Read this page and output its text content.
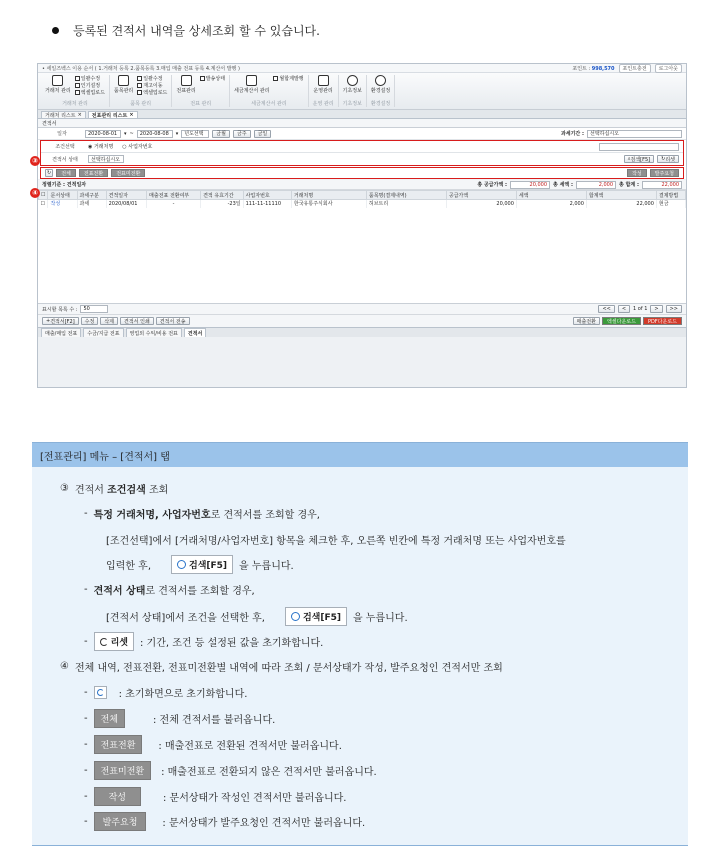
등록된 견적서 내역을 상세조회 할 수 있습니다.
• 세일즈벡스 이용 순서 ( 1.거래처 등록 2.품목등록 3.매입 매출 전표 등록 4.계산서 발행 )	포인트 : 998,570	포인트충전	로그아웃
거래처 관리
일괄수정
인기설정
엑셀업로드
거래처 관리
품목관리
일괄수정
재고이동
엑셀업로드
품목 관리
전표관리
발송상태
전표 관리
세금계산서 관리
월합계발행
세금계산서 관리
운영관리
운영 관리
기초정보
기초정보
환경설정
환경설정
거래처 리스트 × 전표관리 리스트 ×
견적서
일자	2020-08-01	▾ ~	2020-08-08	▾	년도선택	금월	금주	금일	과세기간 :	선택하십시오
조건선택	◉ 거래처명 ○ 사업자번호
견적서 상태	선택하십시오	⌕ 검색[F5] ↻ 리셋
↻	전체	전표전환	전표미전환	작성	발주요청
정렬기준 : 견적일자	총 공급가액 :	20,000	총 세액 :	2,000	총 합계 :	22,000
☐	문서상태	과세구분	견적일자	매출전표 전환여부	견적 유효기간	사업자번호	거래처명	품목명(결제내역)	공급가액	세액	합계액	결제방법
☐	작성	과세	2020/08/01	-	-23일	111-11-11110	한국유통주식회사	허브트리	20,000	2,000	22,000	현금
표시할 목록 수 :	50	<<	<	1 of 1	>	>>
+ 견적서[F2]	수정	삭제	견적서 인쇄	견적서 전송	매출전환	엑셀다운로드	PDF다운로드
매출/매입 전표	수금/지급 전표	영업외 수익/비용 전표	견적서
③
④
[전표관리] 메뉴 – [견적서] 탭
③ 견적서 조건검색 조회
- 특정 거래처명, 사업자번호로 견적서를 조회할 경우,
[조건선택]에서 [거래처명/사업자번호] 항목을 체크한 후, 오른쪽 빈칸에 특정 거래처명 또는 사업자번호를
입력한 후,	검색[F5] 을 누릅니다.
- 견적서 상태로 견적서를 조회할 경우,
[견적서 상태]에서 조건을 선택한 후,	검색[F5] 을 누릅니다.
-	리셋 : 기간, 조건 등 설정된 값을 초기화합니다.
④ 전체 내역, 전표전환, 전표미전환별 내역에 따라 조회 / 문서상태가 작성, 발주요청인 견적서만 조회
-	: 초기화면으로 초기화합니다.
-	전체	: 전체 견적서를 불러옵니다.
-	전표전환	: 매출전표로 전환된 견적서만 불러옵니다.
-	전표미전환	: 매출전표로 전환되지 않은 견적서만 불러옵니다.
-	작성	: 문서상태가 작성인 견적서만 불러옵니다.
-	발주요청	: 문서상태가 발주요청인 견적서만 불러옵니다.
